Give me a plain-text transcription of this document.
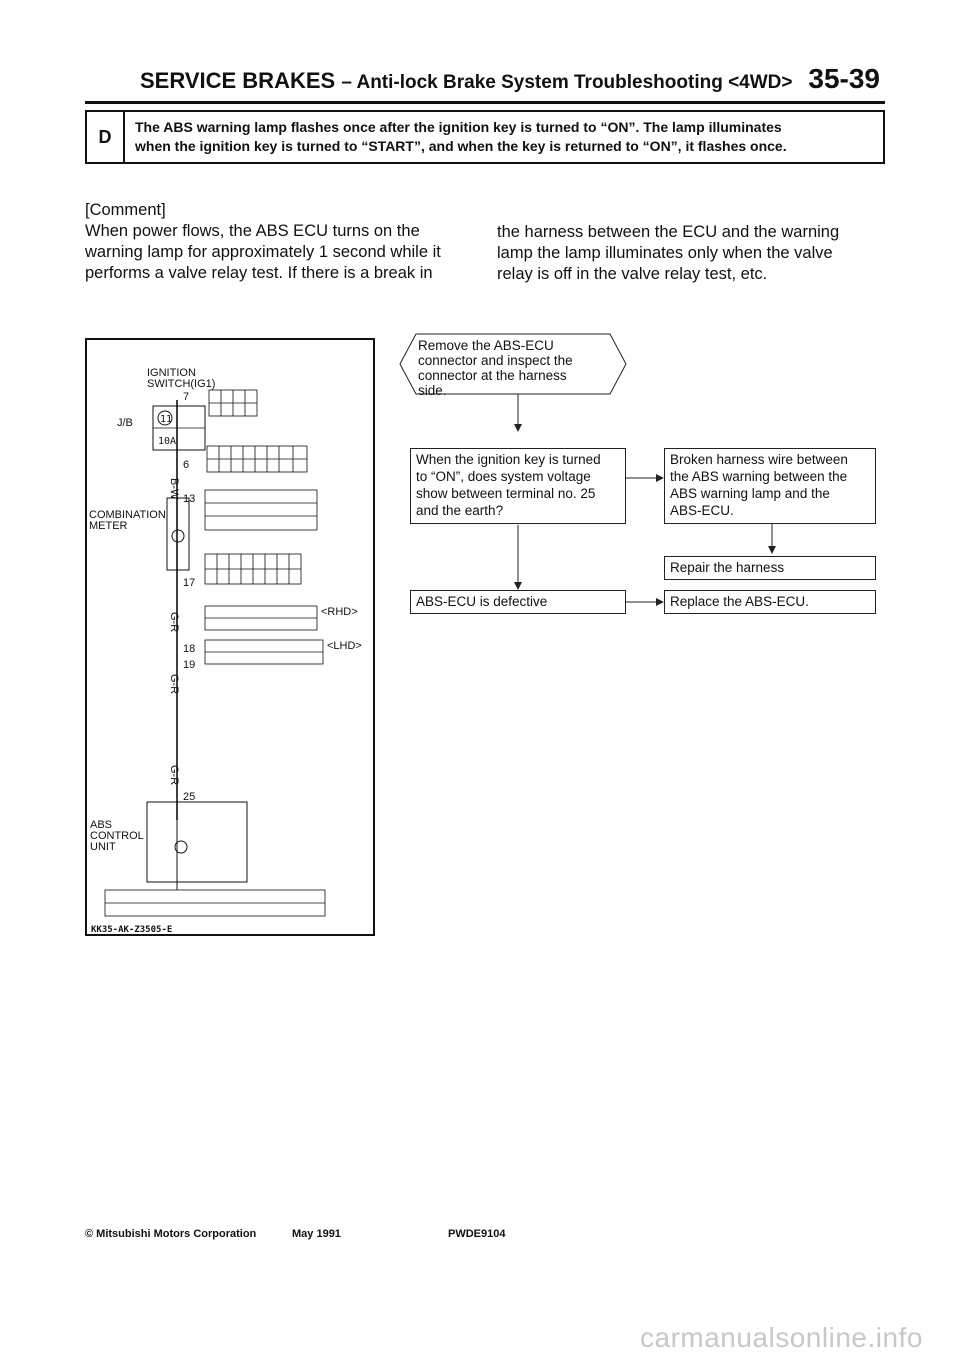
SERVICE BRAKES – Anti-lock Brake System Troubleshooting <4WD> 35-39
D	The ABS warning lamp flashes once after the ignition key is turned to “ON”. The lamp illuminates
when the ignition key is turned to “START”, and when the key is returned to “ON”, it flashes once.
[Comment]
When power flows, the ABS ECU turns on the
warning lamp for approximately 1 second while it
performs a valve relay test. If there is a break in
the harness between the ECU and the warning
lamp the lamp illuminates only when the valve
relay is off in the valve relay test, etc.
IGNITION
SWITCH(IG1)
J/B
COMBINATION
METER
ABS
CONTROL
UNIT
11
10A
7
6
13
17
18
19
25
B-W
G-R
G-R
G-R
<RHD>
<LHD>
KK35-AK-Z3505-E
Remove the ABS-ECU
connector and inspect the
connector at the harness
side.
When the ignition key is turned
to “ON”, does system voltage
show between terminal no. 25
and the earth?
Broken harness wire between
the ABS warning between the
ABS warning lamp and the
ABS-ECU.
Repair the harness
ABS-ECU is defective	Replace the ABS-ECU.
© Mitsubishi Motors Corporation	May 1991	PWDE9104
carmanualsonline.info
